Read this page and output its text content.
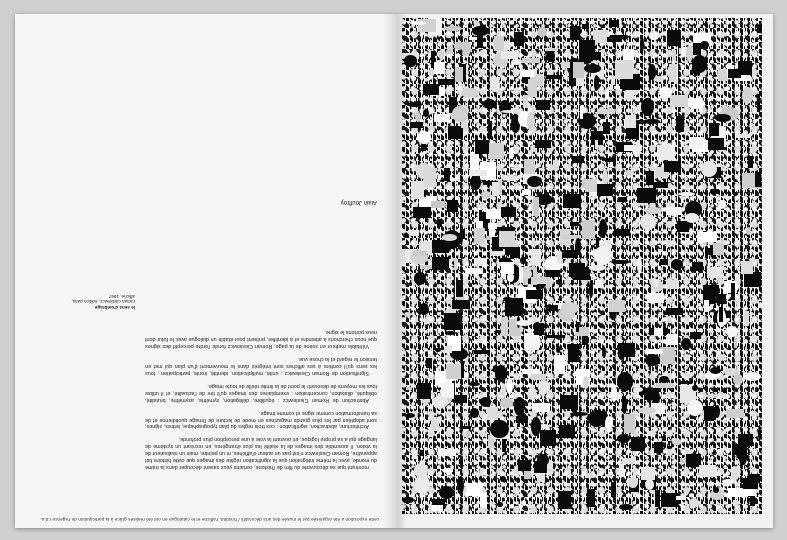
cette exposition a été organisée par le musée des arts décoratifs / l'institut. l'affiche et le catalogue en ont été réalisés grâce à la participation de l'agence r.d.a.

montrant que sa découverte du film de l'histoire, certains yeux savent découper dans la trame du monde, avec la même intégration que la signification réglée des images que cette histoire fait apparaître, Roman Cieslewicz n'est pas un auteur d'affiches, ni un peintre, mais un réalisateur de la vision. Il assemble des images de la réalité les plus étrangères, en recréant un système de langage qui a sa propre logique, en ouvrant la voie à une perception plus profonde.

Architecture, abstraction, signification : ces trois règles du plan typographique, lettres, signes, sont adoptées par les plus grands magazines en mode de lecture de l'image quotidienne et de sa transformation comme signe et comme image.

Abstraction de Roman Cieslewicz : équilibre, délégation, symétrie, asymétrie, brutalité, obliquité, dilatation, concentration : exemplaires des images qu'il tire de l'actualité, et il utilise tous les moyens de découvrir le point de la limite réelle de toute image.

Signification de Roman Cieslewicz : unité, multiplication, identité, ironie, participation ; tous les sens qu'il confère à ses affiches sont intégrés dans le mouvement d'un plan qui met en tension le regard et la chose vue.

Véritable metteur en scène de la page, Roman Cieslewicz fonde l'ordre perceptif des signes que nous cherchons à atteindre et à identifier, présent pour établir un dialogue avec le futur dont nous portons le signe.

le sens d'ombrage
roman cieslewicz, édition paris,
affiche, 1967
Alain Jouffroy
